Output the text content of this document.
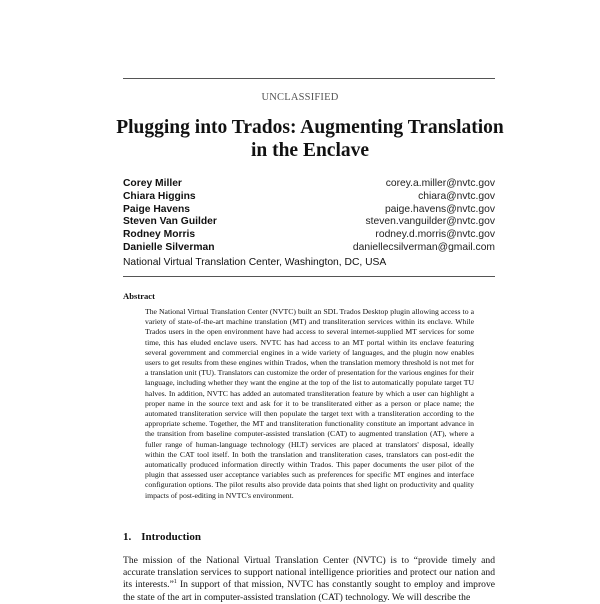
UNCLASSIFIED
Plugging into Trados: Augmenting Translation in the Enclave
Corey Miller	corey.a.miller@nvtc.gov
Chiara Higgins	chiara@nvtc.gov
Paige Havens	paige.havens@nvtc.gov
Steven Van Guilder	steven.vanguilder@nvtc.gov
Rodney Morris	rodney.d.morris@nvtc.gov
Danielle Silverman	daniellecsilverman@gmail.com
National Virtual Translation Center, Washington, DC, USA
Abstract
The National Virtual Translation Center (NVTC) built an SDL Trados Desktop plugin allowing access to a variety of state-of-the-art machine translation (MT) and transliteration services within its enclave. While Trados users in the open environment have had access to several internet-supplied MT services for some time, this has eluded enclave users. NVTC has had access to an MT portal within its enclave featuring several government and commercial engines in a wide variety of languages, and the plugin now enables users to get results from these engines within Trados, when the translation memory threshold is not met for a translation unit (TU). Translators can customize the order of presentation for the various engines for their language, including whether they want the engine at the top of the list to automatically populate target TU halves. In addition, NVTC has added an automated transliteration feature by which a user can highlight a proper name in the source text and ask for it to be transliterated either as a person or place name; the automated transliteration service will then populate the target text with a transliteration according to the appropriate scheme. Together, the MT and transliteration functionality constitute an important advance in the transition from baseline computer-assisted translation (CAT) to augmented translation (AT), where a fuller range of human-language technology (HLT) services are placed at translators' disposal, ideally within the CAT tool itself. In both the translation and transliteration cases, translators can post-edit the automatically produced information directly within Trados. This paper documents the user pilot of the plugin that assessed user acceptance variables such as preferences for specific MT engines and interface configuration options. The pilot results also provide data points that shed light on productivity and quality impacts of post-editing in NVTC's environment.
1. Introduction
The mission of the National Virtual Translation Center (NVTC) is to “provide timely and accurate translation services to support national intelligence priorities and protect our nation and its interests.”$^1$ In support of that mission, NVTC has constantly sought to employ and improve the state of the art in computer-assisted translation (CAT) technology. We will describe the
